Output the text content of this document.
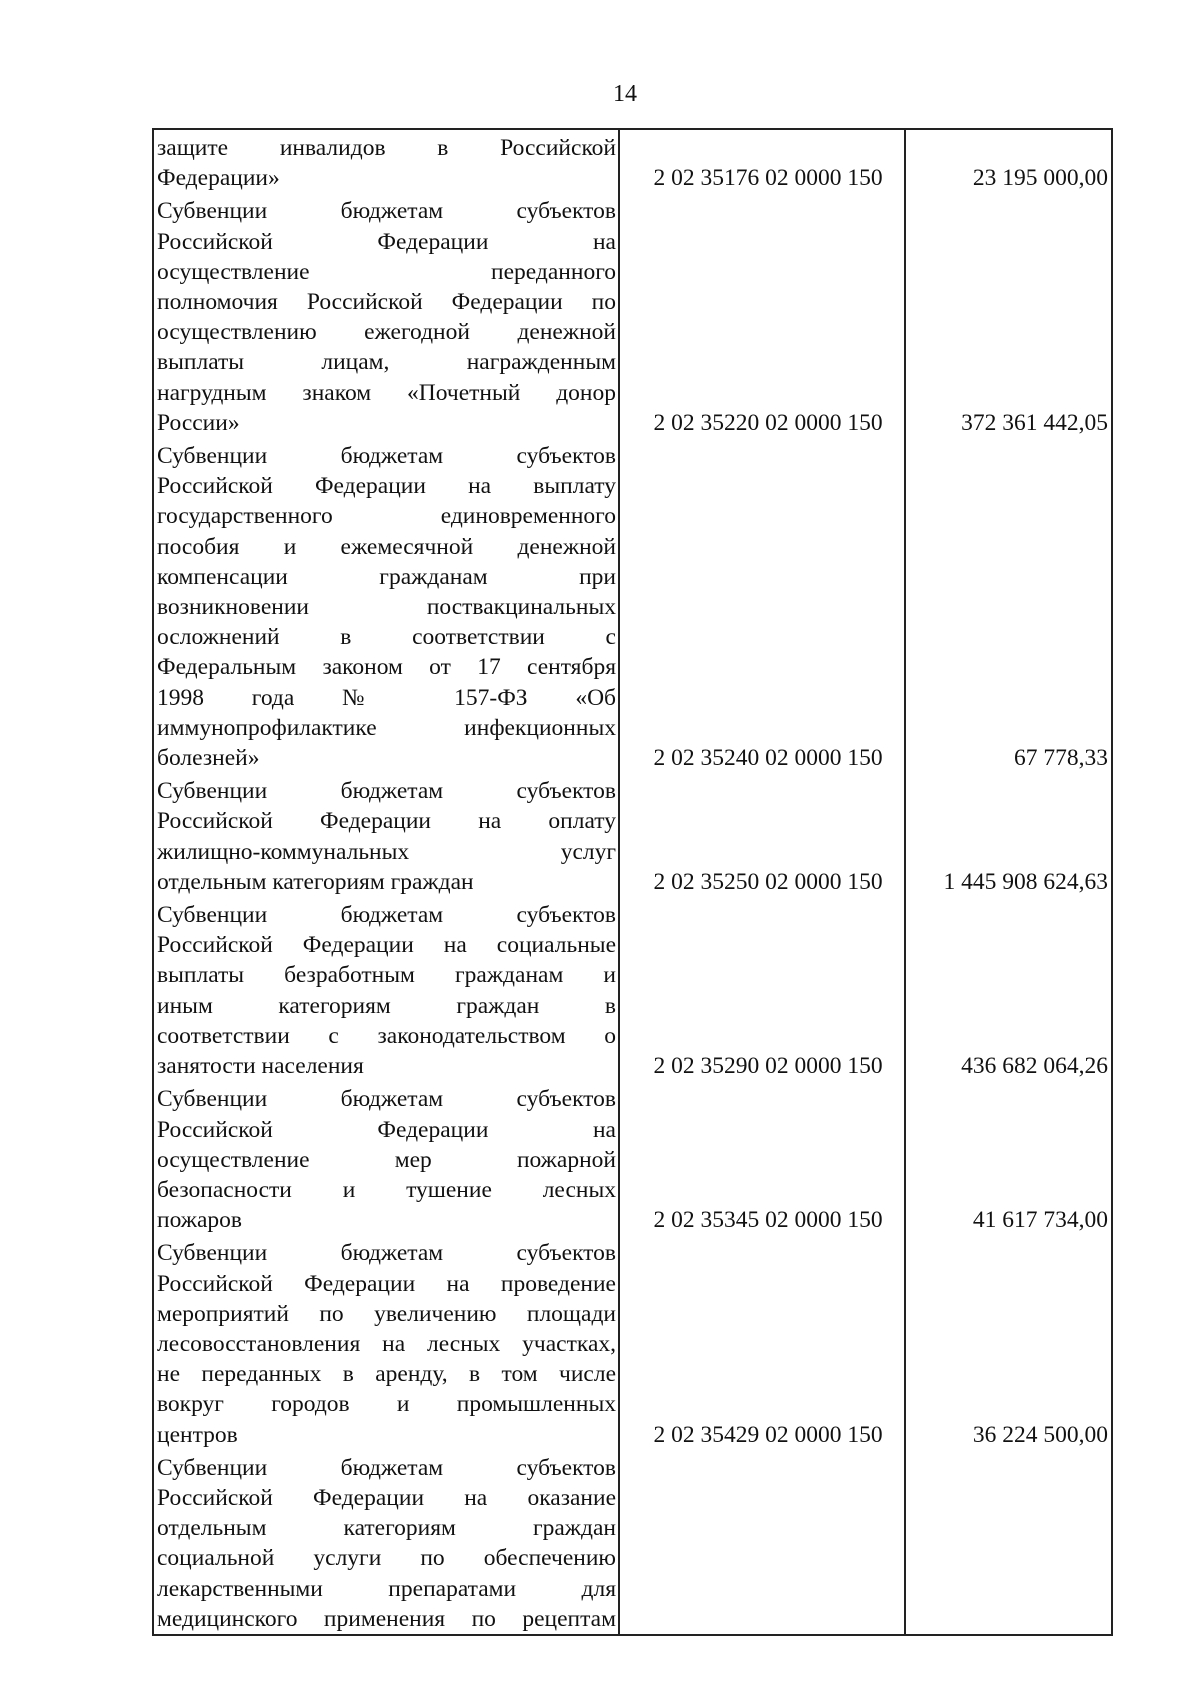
14
защите инвалидов в Российской
Федерации»	2 02 35176 02 0000 150	23 195 000,00
Субвенции бюджетам субъектов
Российской Федерации на
осуществление переданного
полномочия Российской Федерации по
осуществлению ежегодной денежной
выплаты лицам, награжденным
нагрудным знаком «Почетный донор
России»	2 02 35220 02 0000 150	372 361 442,05
Субвенции бюджетам субъектов
Российской Федерации на выплату
государственного единовременного
пособия и ежемесячной денежной
компенсации гражданам при
возникновении поствакцинальных
осложнений в соответствии с
Федеральным законом от 17 сентября
1998 года № 157-ФЗ «Об
иммунопрофилактике инфекционных
болезней»	2 02 35240 02 0000 150	67 778,33
Субвенции бюджетам субъектов
Российской Федерации на оплату
жилищно-коммунальных услуг
отдельным категориям граждан	2 02 35250 02 0000 150	1 445 908 624,63
Субвенции бюджетам субъектов
Российской Федерации на социальные
выплаты безработным гражданам и
иным категориям граждан в
соответствии с законодательством о
занятости населения	2 02 35290 02 0000 150	436 682 064,26
Субвенции бюджетам субъектов
Российской Федерации на
осуществление мер пожарной
безопасности и тушение лесных
пожаров	2 02 35345 02 0000 150	41 617 734,00
Субвенции бюджетам субъектов
Российской Федерации на проведение
мероприятий по увеличению площади
лесовосстановления на лесных участках,
не переданных в аренду, в том числе
вокруг городов и промышленных
центров	2 02 35429 02 0000 150	36 224 500,00
Субвенции бюджетам субъектов
Российской Федерации на оказание
отдельным категориям граждан
социальной услуги по обеспечению
лекарственными препаратами для
медицинского применения по рецептам
